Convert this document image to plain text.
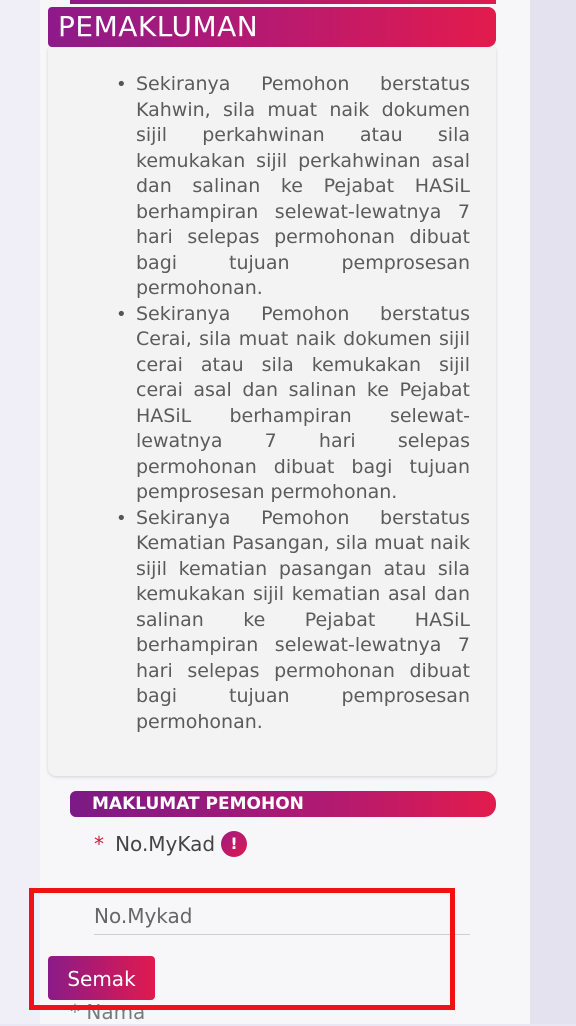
PEMAKLUMAN
• Sekiranya Pemohon berstatus Kahwin, sila muat naik dokumen sijil perkahwinan atau sila kemukakan sijil perkahwinan asal dan salinan ke Pejabat HASiL berhampiran selewat-lewatnya 7 hari selepas permohonan dibuat bagi tujuan pemprosesan permohonan.
• Sekiranya Pemohon berstatus Cerai, sila muat naik dokumen sijil cerai atau sila kemukakan sijil cerai asal dan salinan ke Pejabat HASiL berhampiran selewat-lewatnya 7 hari selepas permohonan dibuat bagi tujuan pemprosesan permohonan.
• Sekiranya Pemohon berstatus Kematian Pasangan, sila muat naik sijil kematian pasangan atau sila kemukakan sijil kematian asal dan salinan ke Pejabat HASiL berhampiran selewat-lewatnya 7 hari selepas permohonan dibuat bagi tujuan pemprosesan permohonan.
MAKLUMAT PEMOHON
* No.MyKad !
No.Mykad
Semak
* Nama
